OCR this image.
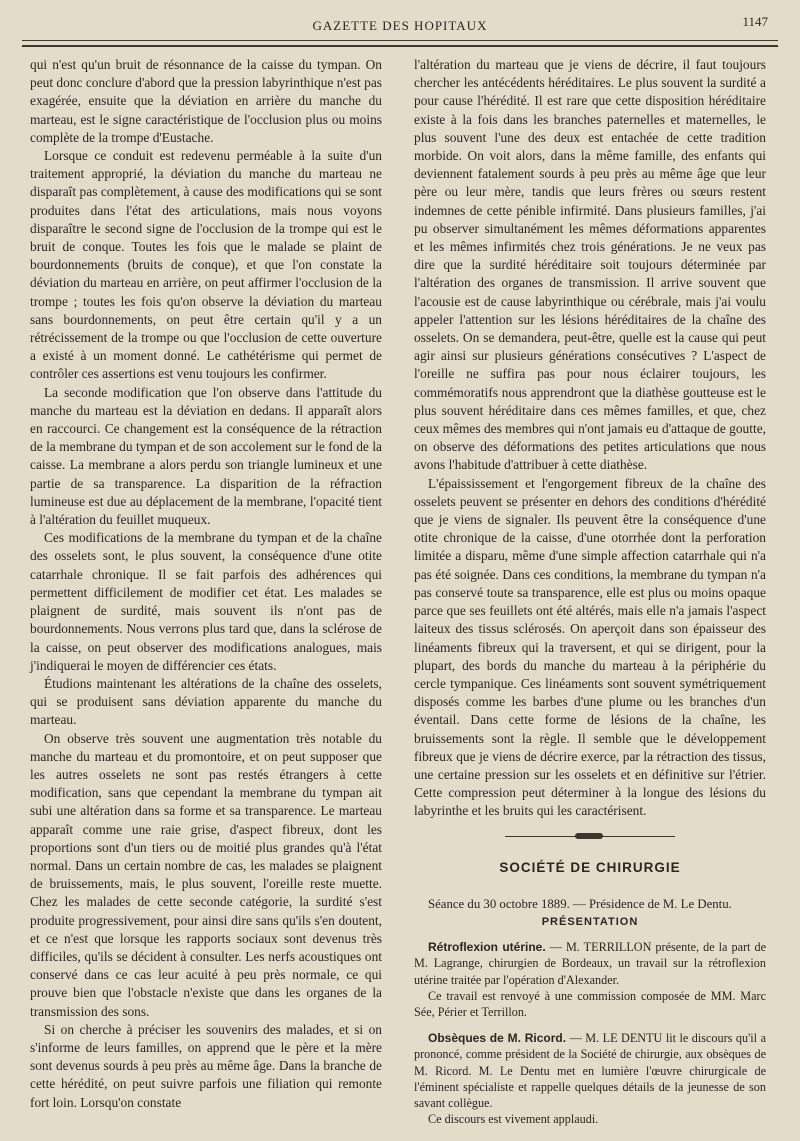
GAZETTE DES HOPITAUX	1147

qui n'est qu'un bruit de résonnance de la caisse du tympan. On peut donc conclure d'abord que la pression labyrinthique n'est pas exagérée, ensuite que la déviation en arrière du manche du marteau, est le signe caractéristique de l'occlusion plus ou moins complète de la trompe d'Eustache.

Lorsque ce conduit est redevenu perméable à la suite d'un traitement approprié, la déviation du manche du marteau ne disparaît pas complètement, à cause des modifications qui se sont produites dans l'état des articulations, mais nous voyons disparaître le second signe de l'occlusion de la trompe qui est le bruit de conque. Toutes les fois que le malade se plaint de bourdonnements (bruits de conque), et que l'on constate la déviation du marteau en arrière, on peut affirmer l'occlusion de la trompe ; toutes les fois qu'on observe la déviation du marteau sans bourdonnements, on peut être certain qu'il y a un rétrécissement de la trompe ou que l'occlusion de cette ouverture a existé à un moment donné. Le cathétérisme qui permet de contrôler ces assertions est venu toujours les confirmer.

La seconde modification que l'on observe dans l'attitude du manche du marteau est la déviation en dedans. Il apparaît alors en raccourci. Ce changement est la conséquence de la rétraction de la membrane du tympan et de son accolement sur le fond de la caisse. La membrane a alors perdu son triangle lumineux et une partie de sa transparence. La disparition de la réfraction lumineuse est due au déplacement de la membrane, l'opacité tient à l'altération du feuillet muqueux.

Ces modifications de la membrane du tympan et de la chaîne des osselets sont, le plus souvent, la conséquence d'une otite catarrhale chronique. Il se fait parfois des adhérences qui permettent difficilement de modifier cet état. Les malades se plaignent de surdité, mais souvent ils n'ont pas de bourdonnements. Nous verrons plus tard que, dans la sclérose de la caisse, on peut observer des modifications analogues, mais j'indiquerai le moyen de différencier ces états.

Étudions maintenant les altérations de la chaîne des osselets, qui se produisent sans déviation apparente du manche du marteau.

On observe très souvent une augmentation très notable du manche du marteau et du promontoire, et on peut supposer que les autres osselets ne sont pas restés étrangers à cette modification, sans que cependant la membrane du tympan ait subi une altération dans sa forme et sa transparence. Le marteau apparaît comme une raie grise, d'aspect fibreux, dont les proportions sont d'un tiers ou de moitié plus grandes qu'à l'état normal. Dans un certain nombre de cas, les malades se plaignent de bruissements, mais, le plus souvent, l'oreille reste muette. Chez les malades de cette seconde catégorie, la surdité s'est produite progressivement, pour ainsi dire sans qu'ils s'en doutent, et ce n'est que lorsque les rapports sociaux sont devenus très difficiles, qu'ils se décident à consulter. Les nerfs acoustiques ont conservé dans ce cas leur acuité à peu près normale, ce qui prouve bien que l'obstacle n'existe que dans les organes de la transmission des sons.

Si on cherche à préciser les souvenirs des malades, et si on s'informe de leurs familles, on apprend que le père et la mère sont devenus sourds à peu près au même âge. Dans la branche de cette hérédité, on peut suivre parfois une filiation qui remonte fort loin. Lorsqu'on constate

l'altération du marteau que je viens de décrire, il faut toujours chercher les antécédents héréditaires. Le plus souvent la surdité a pour cause l'hérédité. Il est rare que cette disposition héréditaire existe à la fois dans les branches paternelles et maternelles, le plus souvent l'une des deux est entachée de cette tradition morbide. On voit alors, dans la même famille, des enfants qui deviennent fatalement sourds à peu près au même âge que leur père ou leur mère, tandis que leurs frères ou sœurs restent indemnes de cette pénible infirmité. Dans plusieurs familles, j'ai pu observer simultanément les mêmes déformations apparentes et les mêmes infirmités chez trois générations. Je ne veux pas dire que la surdité héréditaire soit toujours déterminée par l'altération des organes de transmission. Il arrive souvent que l'acousie est de cause labyrinthique ou cérébrale, mais j'ai voulu appeler l'attention sur les lésions héréditaires de la chaîne des osselets. On se demandera, peut-être, quelle est la cause qui peut agir ainsi sur plusieurs générations consécutives ? L'aspect de l'oreille ne suffira pas pour nous éclairer toujours, les commémoratifs nous apprendront que la diathèse goutteuse est le plus souvent héréditaire dans ces mêmes familles, et que, chez ceux mêmes des membres qui n'ont jamais eu d'attaque de goutte, on observe des déformations des petites articulations que nous avons l'habitude d'attribuer à cette diathèse.

L'épaississement et l'engorgement fibreux de la chaîne des osselets peuvent se présenter en dehors des conditions d'hérédité que je viens de signaler. Ils peuvent être la conséquence d'une otite chronique de la caisse, d'une otorrhée dont la perforation limitée a disparu, même d'une simple affection catarrhale qui n'a pas été soignée. Dans ces conditions, la membrane du tympan n'a pas conservé toute sa transparence, elle est plus ou moins opaque parce que ses feuillets ont été altérés, mais elle n'a jamais l'aspect laiteux des tissus sclérosés. On aperçoit dans son épaisseur des linéaments fibreux qui la traversent, et qui se dirigent, pour la plupart, des bords du manche du marteau à la périphérie du cercle tympanique. Ces linéaments sont souvent symétriquement disposés comme les barbes d'une plume ou les branches d'un éventail. Dans cette forme de lésions de la chaîne, les bruissements sont la règle. Il semble que le développement fibreux que je viens de décrire exerce, par la rétraction des tissus, une certaine pression sur les osselets et en définitive sur l'étrier. Cette compression peut déterminer à la longue des lésions du labyrinthe et les bruits qui les caractérisent.

SOCIÉTÉ DE CHIRURGIE

Séance du 30 octobre 1889. — Présidence de M. Le Dentu.

PRÉSENTATION

Rétroflexion utérine. — M. TERRILLON présente, de la part de M. Lagrange, chirurgien de Bordeaux, un travail sur la rétroflexion utérine traitée par l'opération d'Alexander.

Ce travail est renvoyé à une commission composée de MM. Marc Sée, Périer et Terrillon.

Obsèques de M. Ricord. — M. LE DENTU lit le discours qu'il a prononcé, comme président de la Société de chirurgie, aux obsèques de M. Ricord. M. Le Dentu met en lumière l'œuvre chirurgicale de l'éminent spécialiste et rappelle quelques détails de la jeunesse de son savant collègue.

Ce discours est vivement applaudi.
